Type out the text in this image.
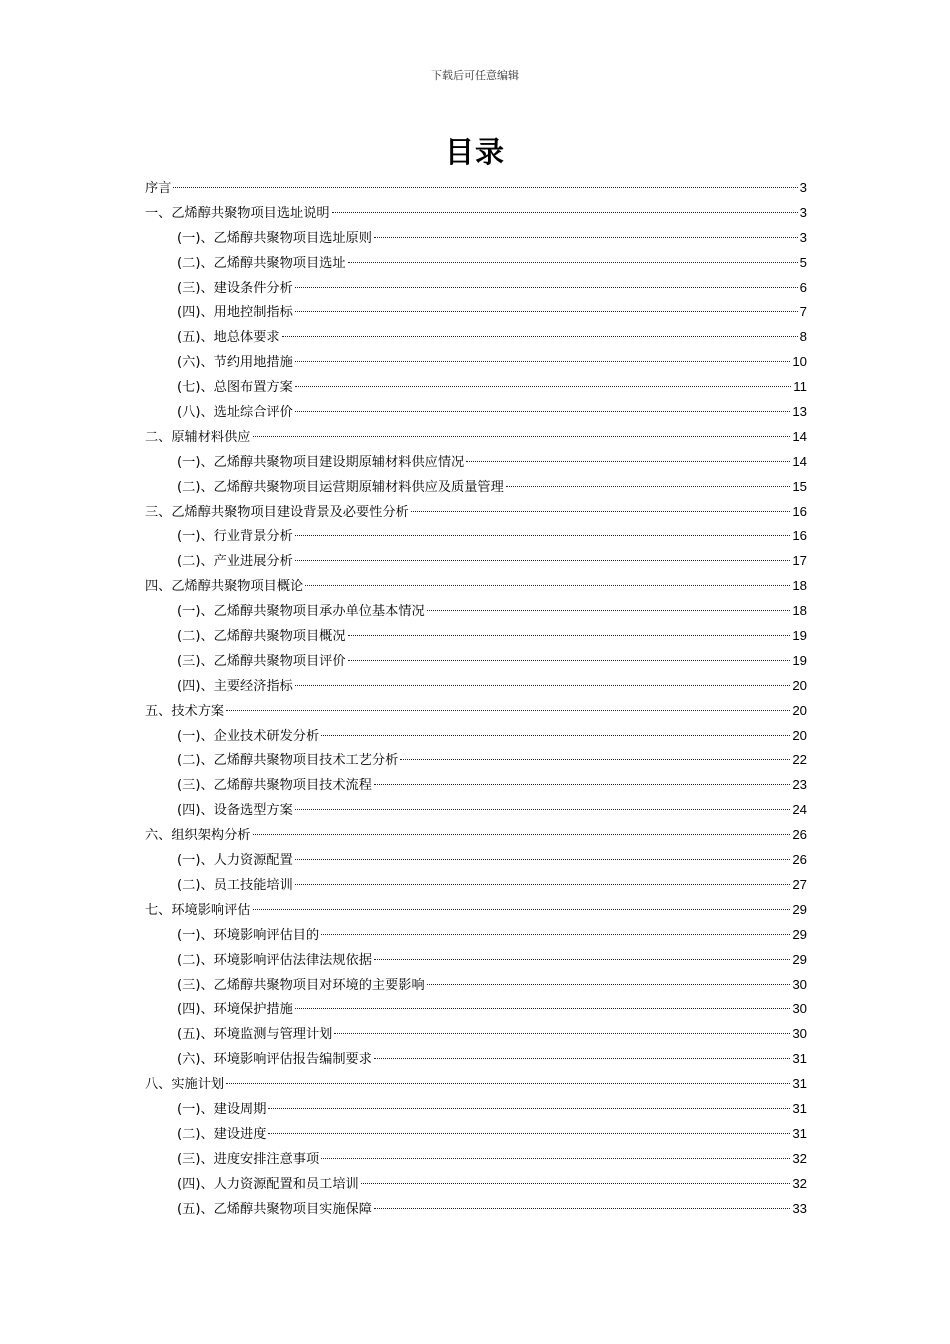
下载后可任意编辑
目录
序言	3
一、乙烯醇共聚物项目选址说明	3
(一)、乙烯醇共聚物项目选址原则	3
(二)、乙烯醇共聚物项目选址	5
(三)、建设条件分析	6
(四)、用地控制指标	7
(五)、地总体要求	8
(六)、节约用地措施	10
(七)、总图布置方案	11
(八)、选址综合评价	13
二、原辅材料供应	14
(一)、乙烯醇共聚物项目建设期原辅材料供应情况	14
(二)、乙烯醇共聚物项目运营期原辅材料供应及质量管理	15
三、乙烯醇共聚物项目建设背景及必要性分析	16
(一)、行业背景分析	16
(二)、产业进展分析	17
四、乙烯醇共聚物项目概论	18
(一)、乙烯醇共聚物项目承办单位基本情况	18
(二)、乙烯醇共聚物项目概况	19
(三)、乙烯醇共聚物项目评价	19
(四)、主要经济指标	20
五、技术方案	20
(一)、企业技术研发分析	20
(二)、乙烯醇共聚物项目技术工艺分析	22
(三)、乙烯醇共聚物项目技术流程	23
(四)、设备选型方案	24
六、组织架构分析	26
(一)、人力资源配置	26
(二)、员工技能培训	27
七、环境影响评估	29
(一)、环境影响评估目的	29
(二)、环境影响评估法律法规依据	29
(三)、乙烯醇共聚物项目对环境的主要影响	30
(四)、环境保护措施	30
(五)、环境监测与管理计划	30
(六)、环境影响评估报告编制要求	31
八、实施计划	31
(一)、建设周期	31
(二)、建设进度	31
(三)、进度安排注意事项	32
(四)、人力资源配置和员工培训	32
(五)、乙烯醇共聚物项目实施保障	33
